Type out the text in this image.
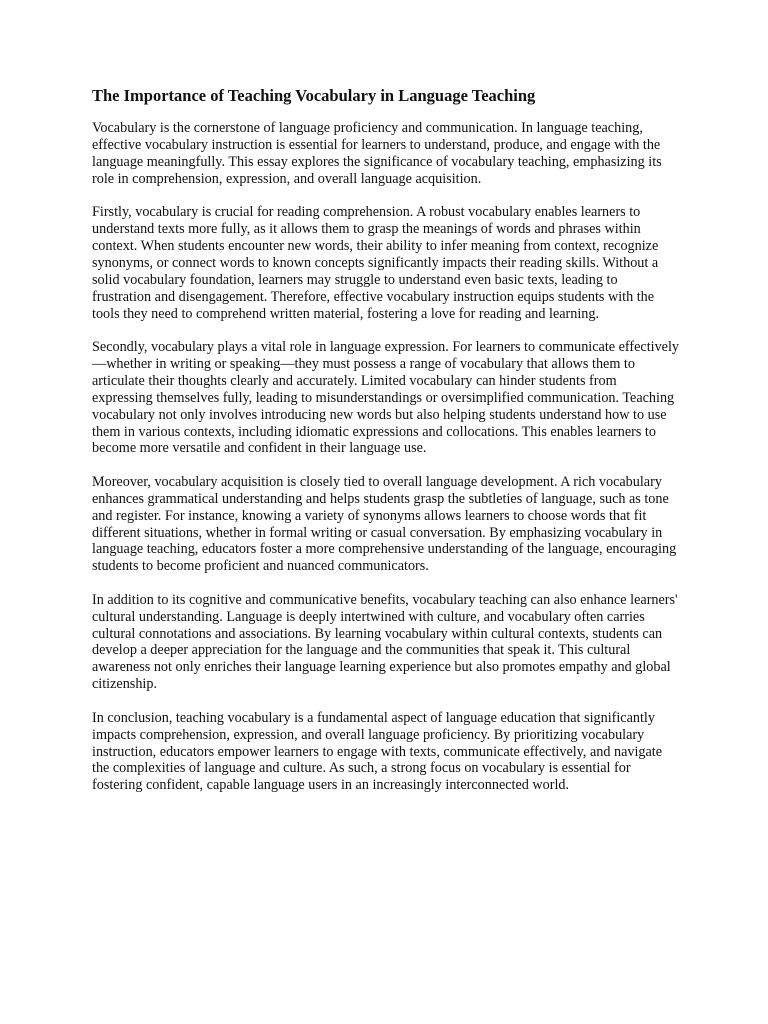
The Importance of Teaching Vocabulary in Language Teaching

Vocabulary is the cornerstone of language proficiency and communication. In language teaching, effective vocabulary instruction is essential for learners to understand, produce, and engage with the language meaningfully. This essay explores the significance of vocabulary teaching, emphasizing its role in comprehension, expression, and overall language acquisition.

Firstly, vocabulary is crucial for reading comprehension. A robust vocabulary enables learners to understand texts more fully, as it allows them to grasp the meanings of words and phrases within context. When students encounter new words, their ability to infer meaning from context, recognize synonyms, or connect words to known concepts significantly impacts their reading skills. Without a solid vocabulary foundation, learners may struggle to understand even basic texts, leading to frustration and disengagement. Therefore, effective vocabulary instruction equips students with the tools they need to comprehend written material, fostering a love for reading and learning.

Secondly, vocabulary plays a vital role in language expression. For learners to communicate effectively—whether in writing or speaking—they must possess a range of vocabulary that allows them to articulate their thoughts clearly and accurately. Limited vocabulary can hinder students from expressing themselves fully, leading to misunderstandings or oversimplified communication. Teaching vocabulary not only involves introducing new words but also helping students understand how to use them in various contexts, including idiomatic expressions and collocations. This enables learners to become more versatile and confident in their language use.

Moreover, vocabulary acquisition is closely tied to overall language development. A rich vocabulary enhances grammatical understanding and helps students grasp the subtleties of language, such as tone and register. For instance, knowing a variety of synonyms allows learners to choose words that fit different situations, whether in formal writing or casual conversation. By emphasizing vocabulary in language teaching, educators foster a more comprehensive understanding of the language, encouraging students to become proficient and nuanced communicators.

In addition to its cognitive and communicative benefits, vocabulary teaching can also enhance learners' cultural understanding. Language is deeply intertwined with culture, and vocabulary often carries cultural connotations and associations. By learning vocabulary within cultural contexts, students can develop a deeper appreciation for the language and the communities that speak it. This cultural awareness not only enriches their language learning experience but also promotes empathy and global citizenship.

In conclusion, teaching vocabulary is a fundamental aspect of language education that significantly impacts comprehension, expression, and overall language proficiency. By prioritizing vocabulary instruction, educators empower learners to engage with texts, communicate effectively, and navigate the complexities of language and culture. As such, a strong focus on vocabulary is essential for fostering confident, capable language users in an increasingly interconnected world.
